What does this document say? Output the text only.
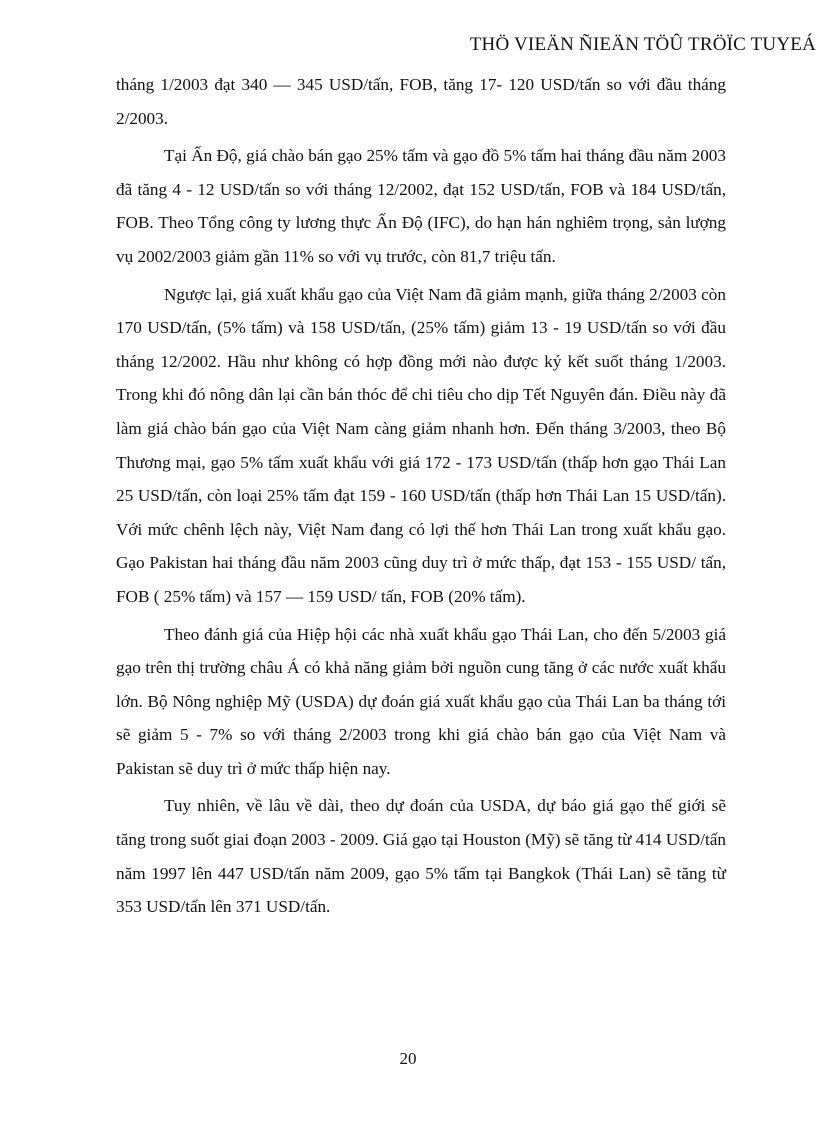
THÖ VIEÄN ÑIEÄN TÖÛ TRÖÏC TUYEÁ

tháng 1/2003 đạt 340 — 345 USD/tấn, FOB, tăng 17- 120 USD/tấn so với đầu tháng 2/2003.

Tại Ấn Độ, giá chào bán gạo 25% tấm và gạo đồ 5% tấm hai tháng đầu năm 2003 đã tăng 4 - 12 USD/tấn so với tháng 12/2002, đạt 152 USD/tấn, FOB và 184 USD/tấn, FOB. Theo Tổng công ty lương thực Ấn Độ (IFC), do hạn hán nghiêm trọng, sản lượng vụ 2002/2003 giảm gần 11% so với vụ trước, còn 81,7 triệu tấn.

Ngược lại, giá xuất khẩu gạo của Việt Nam đã giảm mạnh, giữa tháng 2/2003 còn 170 USD/tấn, (5% tấm) và 158 USD/tấn, (25% tấm) giảm 13 - 19 USD/tấn so với đầu tháng 12/2002. Hầu như không có hợp đồng mới nào được ký kết suốt tháng 1/2003. Trong khi đó nông dân lại cần bán thóc để chi tiêu cho dịp Tết Nguyên đán. Điều này đã làm giá chào bán gạo của Việt Nam càng giảm nhanh hơn. Đến tháng 3/2003, theo Bộ Thương mại, gạo 5% tấm xuất khẩu với giá 172 - 173 USD/tấn (thấp hơn gạo Thái Lan 25 USD/tấn, còn loại 25% tấm đạt 159 - 160 USD/tấn (thấp hơn Thái Lan 15 USD/tấn). Với mức chênh lệch này, Việt Nam đang có lợi thế hơn Thái Lan trong xuất khẩu gạo. Gạo Pakistan hai tháng đầu năm 2003 cũng duy trì ở mức thấp, đạt 153 - 155 USD/ tấn, FOB ( 25% tấm) và 157 — 159 USD/ tấn, FOB (20% tấm).

Theo đánh giá của Hiệp hội các nhà xuất khẩu gạo Thái Lan, cho đến 5/2003 giá gạo trên thị trường châu Á có khả năng giảm bởi nguồn cung tăng ở các nước xuất khẩu lớn. Bộ Nông nghiệp Mỹ (USDA) dự đoán giá xuất khẩu gạo của Thái Lan ba tháng tới sẽ giảm 5 - 7% so với tháng 2/2003 trong khi giá chào bán gạo của Việt Nam và Pakistan sẽ duy trì ở mức thấp hiện nay.

Tuy nhiên, về lâu về dài, theo dự đoán của USDA, dự báo giá gạo thế giới sẽ tăng trong suốt giai đoạn 2003 - 2009. Giá gạo tại Houston (Mỹ) sẽ tăng từ 414 USD/tấn năm 1997 lên 447 USD/tấn năm 2009, gạo 5% tấm tại Bangkok (Thái Lan) sẽ tăng từ 353 USD/tấn lên 371 USD/tấn.

20
